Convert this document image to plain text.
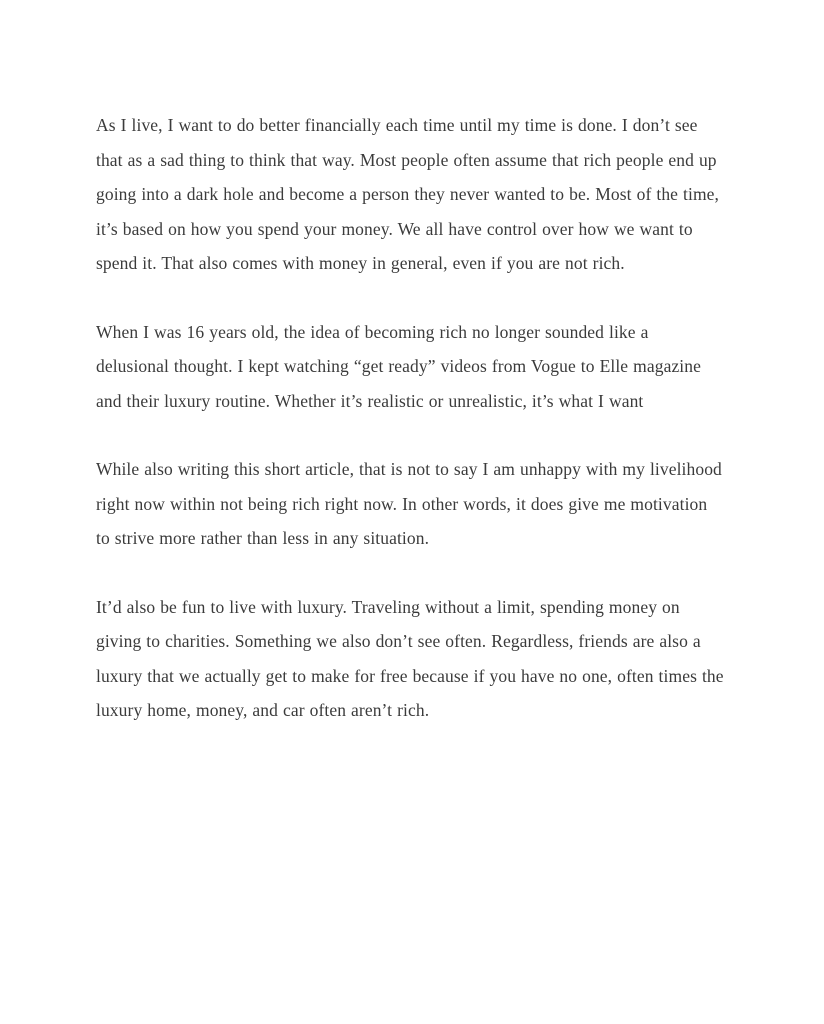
As I live, I want to do better financially each time until my time is done. I don’t see that as a sad thing to think that way. Most people often assume that rich people end up going into a dark hole and become a person they never wanted to be. Most of the time, it’s based on how you spend your money. We all have control over how we want to spend it. That also comes with money in general, even if you are not rich.

When I was 16 years old, the idea of becoming rich no longer sounded like a delusional thought. I kept watching “get ready” videos from Vogue to Elle magazine and their luxury routine. Whether it’s realistic or unrealistic, it’s what I want

While also writing this short article, that is not to say I am unhappy with my livelihood right now within not being rich right now. In other words, it does give me motivation to strive more rather than less in any situation.

It’d also be fun to live with luxury. Traveling without a limit, spending money on giving to charities. Something we also don’t see often. Regardless, friends are also a luxury that we actually get to make for free because if you have no one, often times the luxury home, money, and car often aren’t rich.
